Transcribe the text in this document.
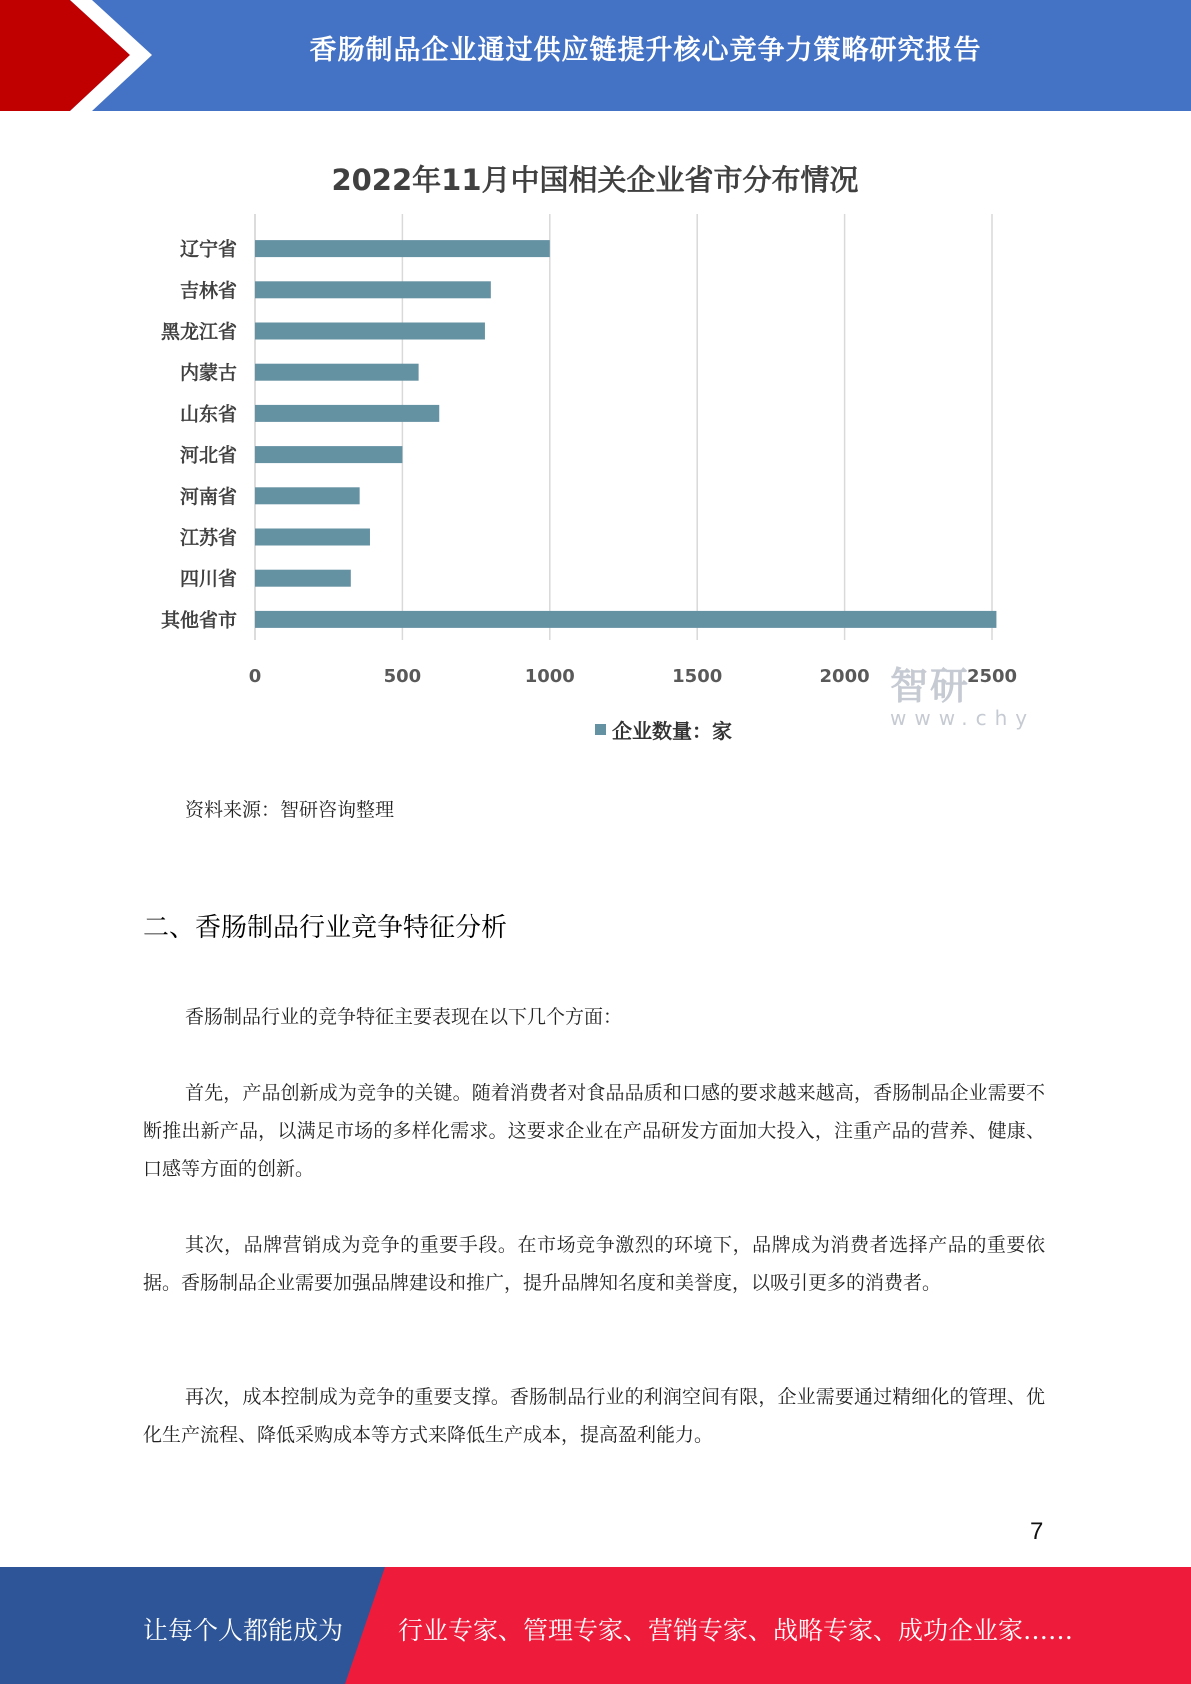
香肠制品企业通过供应链提升核心竞争力策略研究报告
2022年11月中国相关企业省市分布情况
0	500	1000	1500	2000	2500
辽宁省
吉林省
黑龙江省
内蒙古
山东省
河北省
河南省
江苏省
四川省
其他省市
智研
www.chy
企业数量：家
资料来源：智研咨询整理
二、香肠制品行业竞争特征分析
香肠制品行业的竞争特征主要表现在以下几个方面：
首先，产品创新成为竞争的关键。随着消费者对食品品质和口感的要求越来越高，香肠制品企业需要不断推出新产品，以满足市场的多样化需求。这要求企业在产品研发方面加大投入，注重产品的营养、健康、口感等方面的创新。
其次，品牌营销成为竞争的重要手段。在市场竞争激烈的环境下，品牌成为消费者选择产品的重要依据。香肠制品企业需要加强品牌建设和推广，提升品牌知名度和美誉度，以吸引更多的消费者。
再次，成本控制成为竞争的重要支撑。香肠制品行业的利润空间有限，企业需要通过精细化的管理、优化生产流程、降低采购成本等方式来降低生产成本，提高盈利能力。
7
让每个人都能成为 行业专家、管理专家、营销专家、战略专家、成功企业家……
